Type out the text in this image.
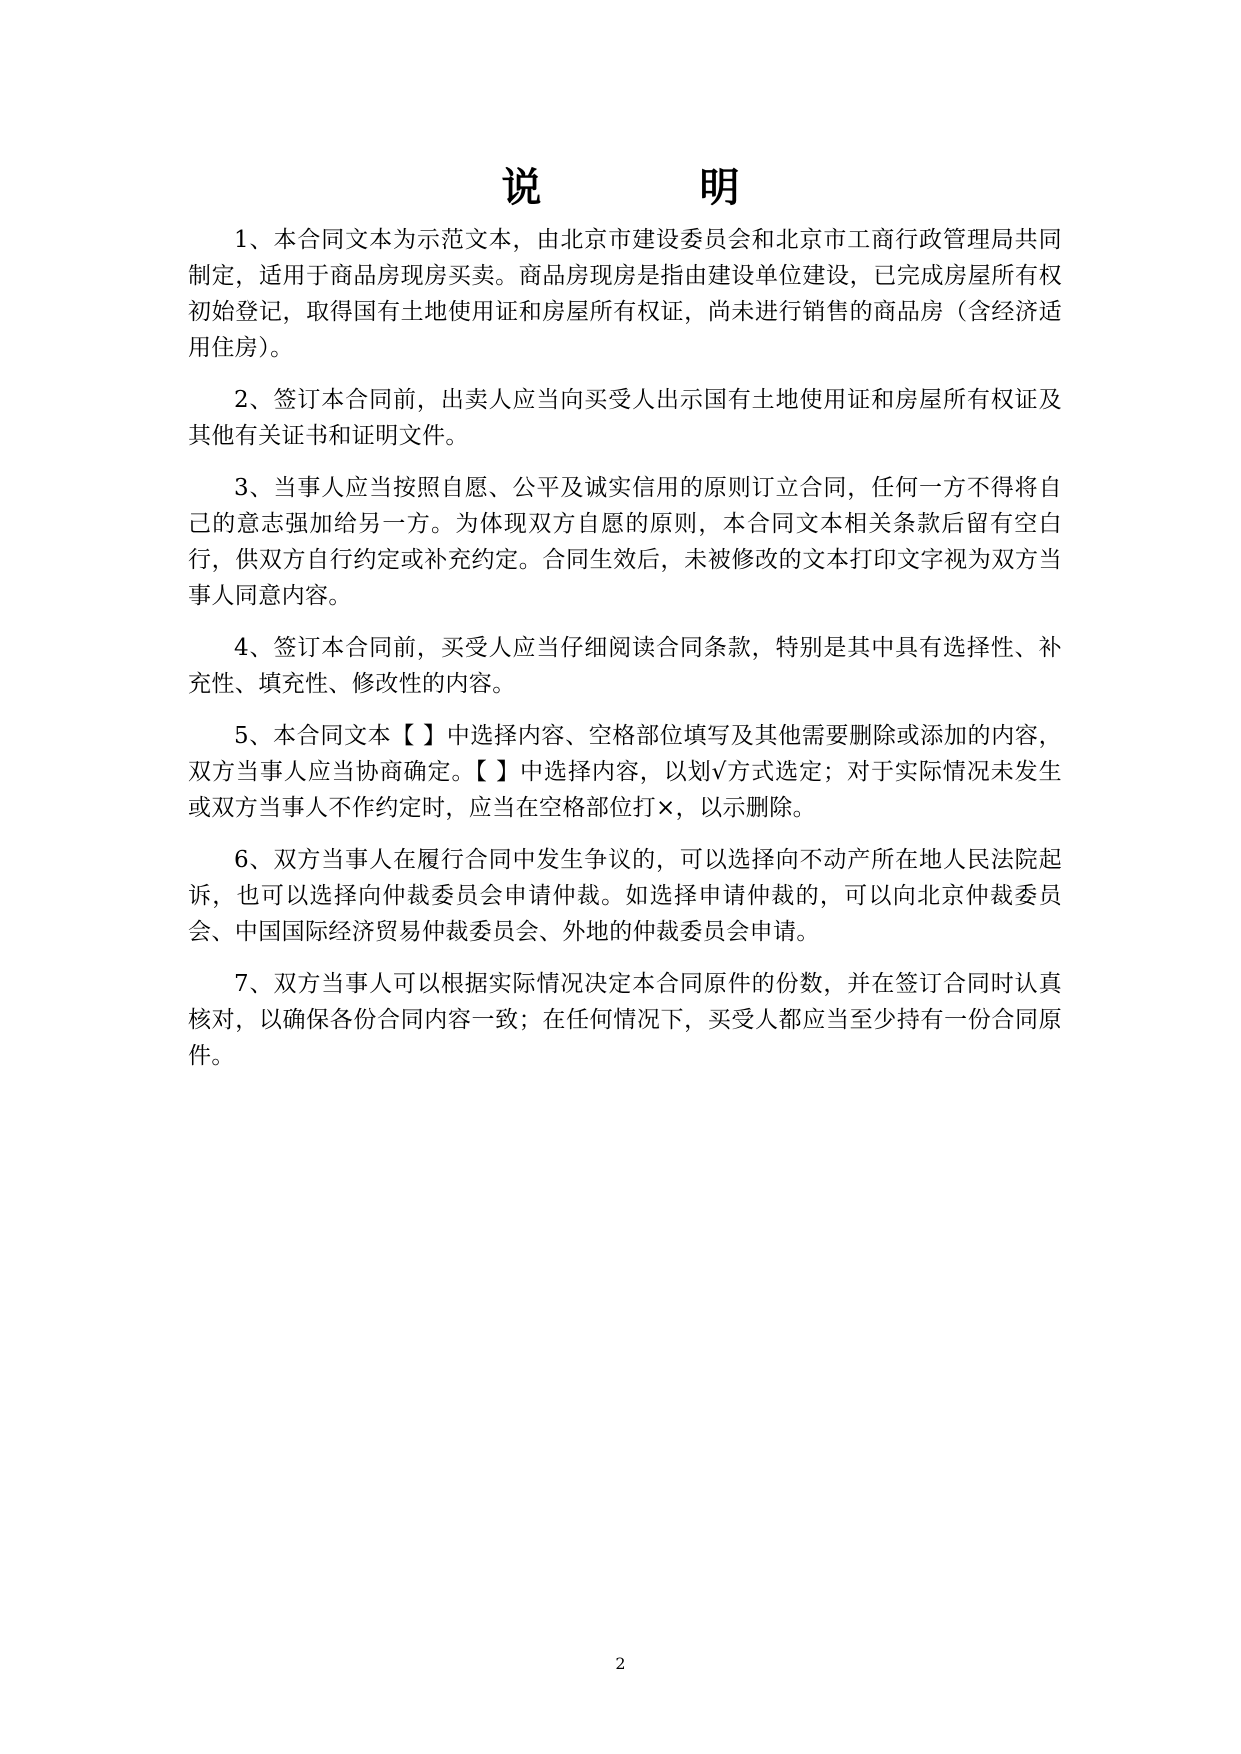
说 明

1、本合同文本为示范文本，由北京市建设委员会和北京市工商行政管理局共同制定，适用于商品房现房买卖。商品房现房是指由建设单位建设，已完成房屋所有权初始登记，取得国有土地使用证和房屋所有权证，尚未进行销售的商品房（含经济适用住房）。

2、签订本合同前，出卖人应当向买受人出示国有土地使用证和房屋所有权证及其他有关证书和证明文件。

3、当事人应当按照自愿、公平及诚实信用的原则订立合同，任何一方不得将自己的意志强加给另一方。为体现双方自愿的原则，本合同文本相关条款后留有空白行，供双方自行约定或补充约定。合同生效后，未被修改的文本打印文字视为双方当事人同意内容。

4、签订本合同前，买受人应当仔细阅读合同条款，特别是其中具有选择性、补充性、填充性、修改性的内容。

5、本合同文本【 】中选择内容、空格部位填写及其他需要删除或添加的内容，双方当事人应当协商确定。【 】中选择内容，以划√方式选定；对于实际情况未发生或双方当事人不作约定时，应当在空格部位打×，以示删除。

6、双方当事人在履行合同中发生争议的，可以选择向不动产所在地人民法院起诉，也可以选择向仲裁委员会申请仲裁。如选择申请仲裁的，可以向北京仲裁委员会、中国国际经济贸易仲裁委员会、外地的仲裁委员会申请。

7、双方当事人可以根据实际情况决定本合同原件的份数，并在签订合同时认真核对，以确保各份合同内容一致；在任何情况下，买受人都应当至少持有一份合同原件。

2
